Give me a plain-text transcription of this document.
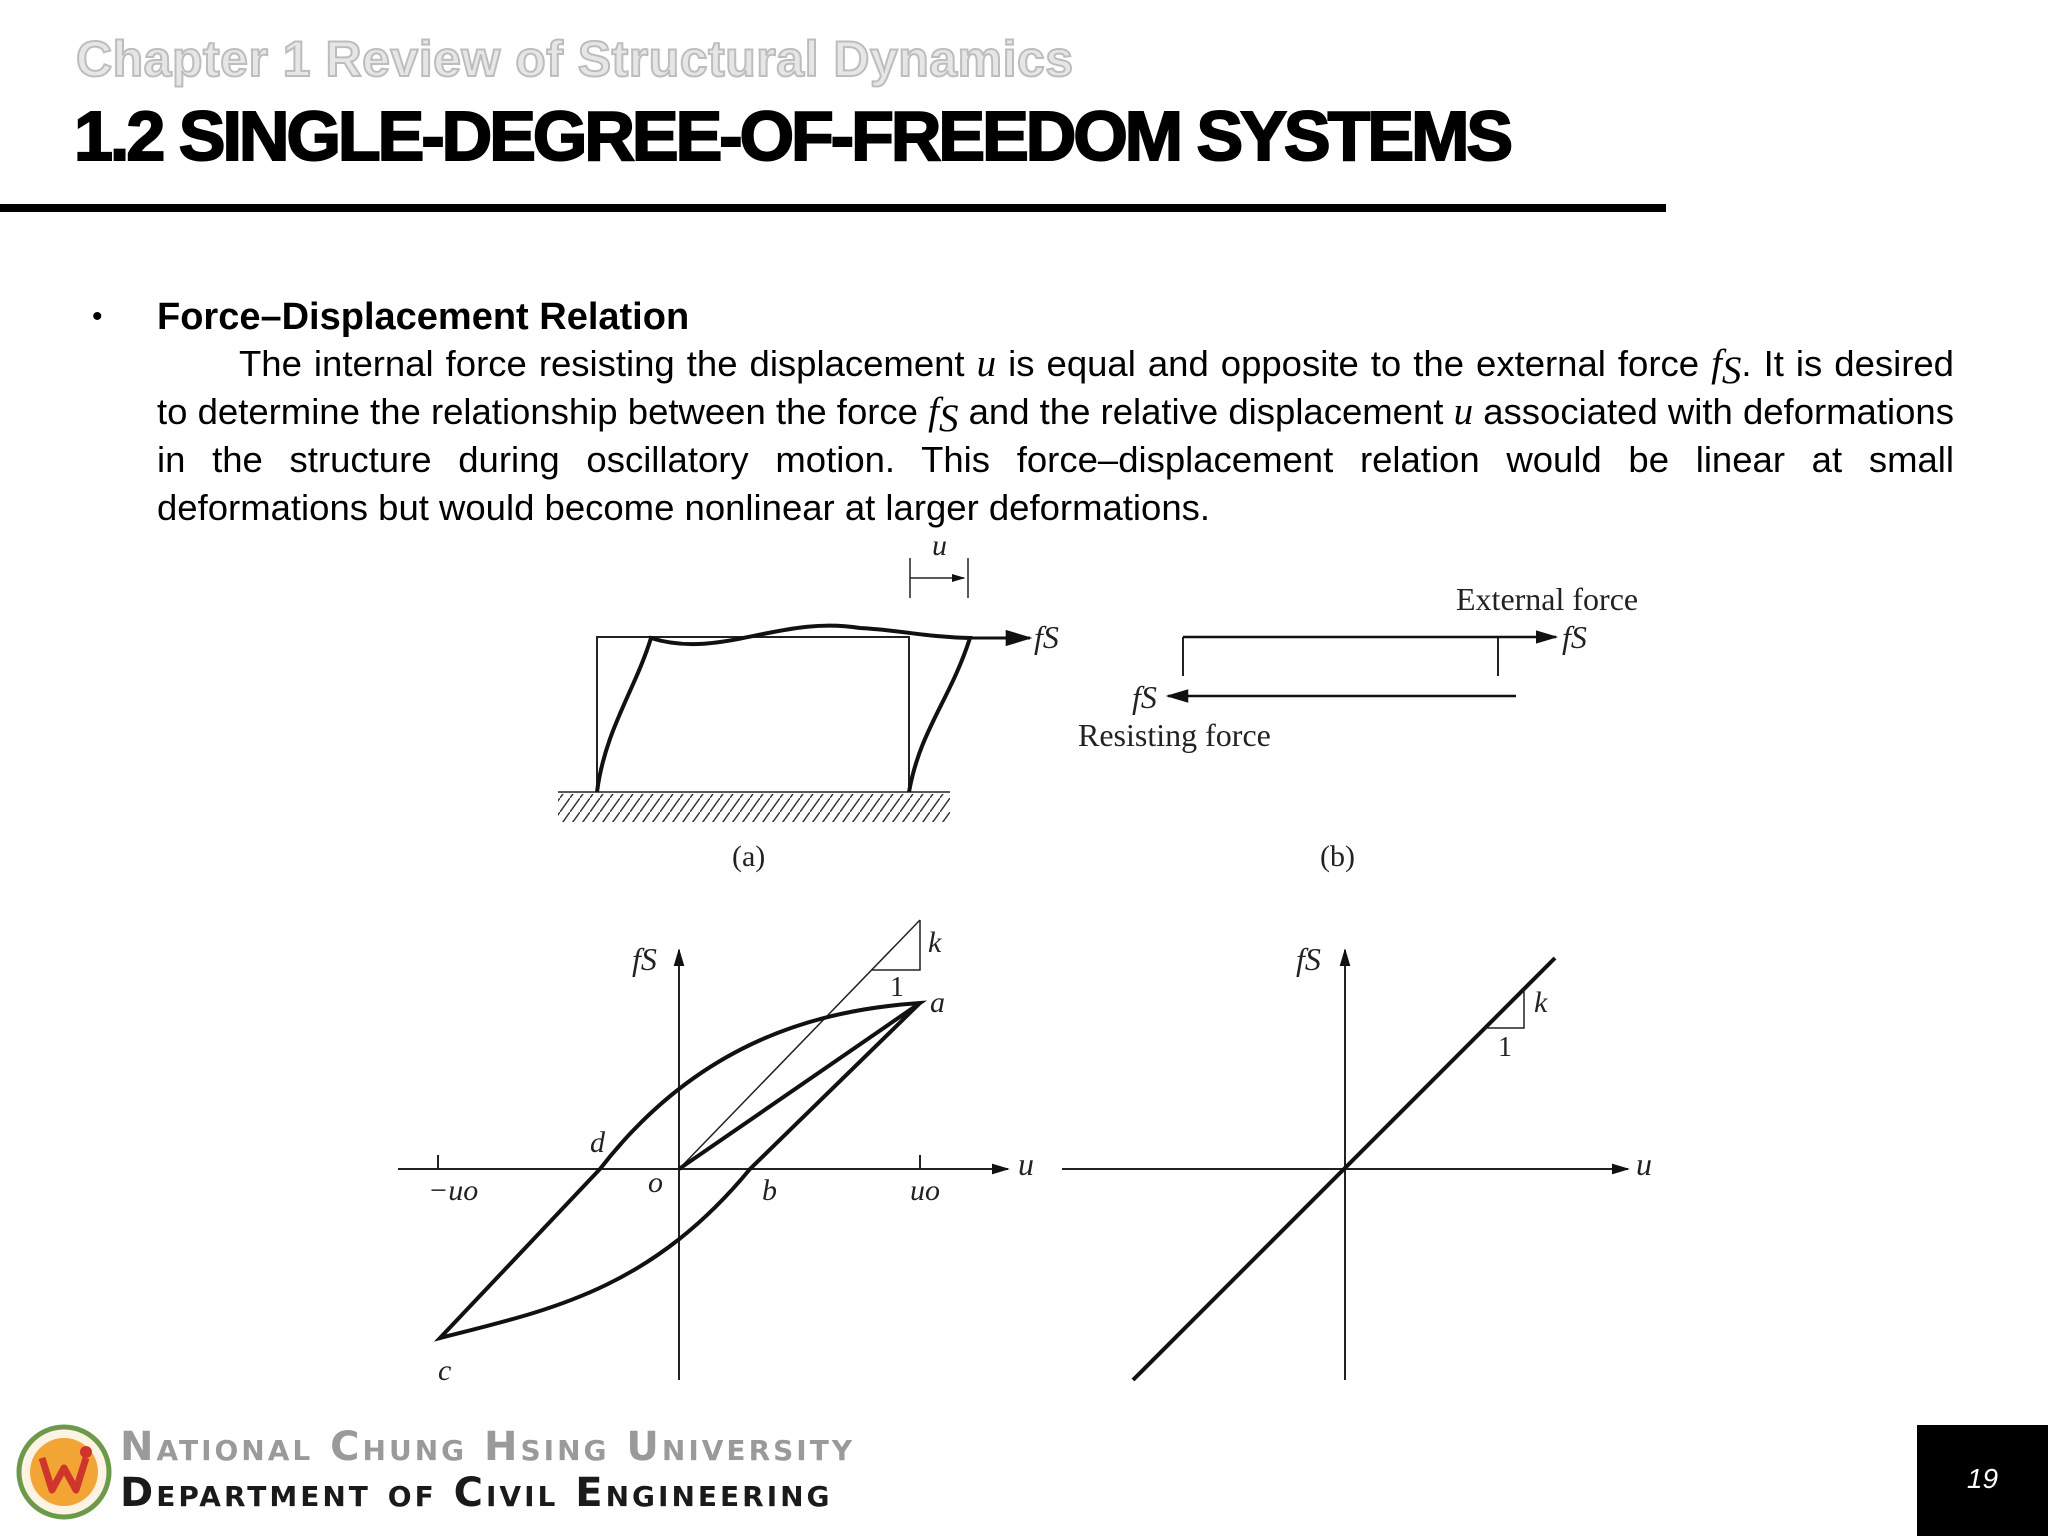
Chapter 1 Review of Structural Dynamics
1.2 SINGLE-DEGREE-OF-FREEDOM SYSTEMS
• Force–Displacement Relation
The internal force resisting the displacement u is equal and opposite to the external force $f_S$. It is desired to determine the relationship between the force $f_S$ and the relative displacement u associated with deformations in the structure during oscillatory motion. This force–displacement relation would be linear at small deformations but would become nonlinear at larger deformations.
fS
u
(a)
External force
fS
fS
Resisting force
(b)
fS
u
k
1
−uo	uo
o	b
d
a
c
fS
u
k
1
National Chung Hsing University
Department of Civil Engineering	19
